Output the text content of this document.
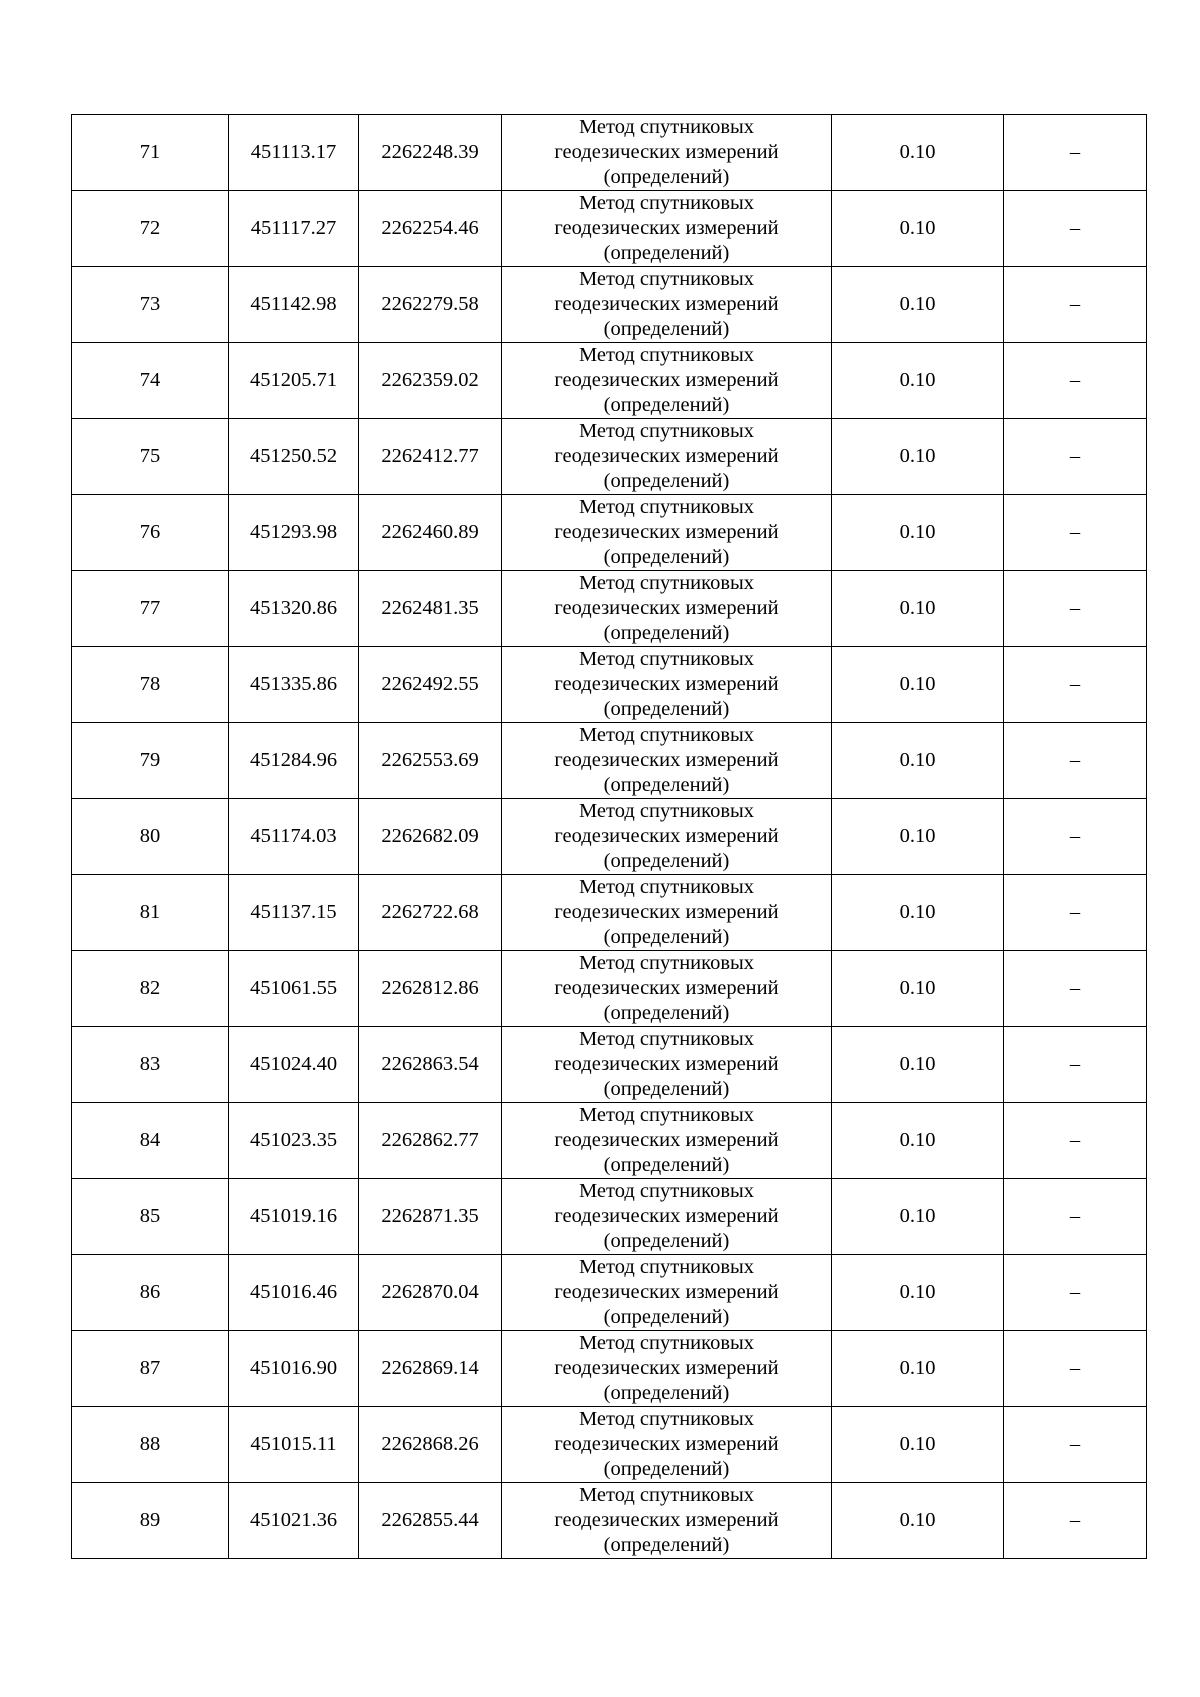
71	451113.17	2262248.39	Метод спутниковых
геодезических измерений
(определений)	0.10	–
72	451117.27	2262254.46	Метод спутниковых
геодезических измерений
(определений)	0.10	–
73	451142.98	2262279.58	Метод спутниковых
геодезических измерений
(определений)	0.10	–
74	451205.71	2262359.02	Метод спутниковых
геодезических измерений
(определений)	0.10	–
75	451250.52	2262412.77	Метод спутниковых
геодезических измерений
(определений)	0.10	–
76	451293.98	2262460.89	Метод спутниковых
геодезических измерений
(определений)	0.10	–
77	451320.86	2262481.35	Метод спутниковых
геодезических измерений
(определений)	0.10	–
78	451335.86	2262492.55	Метод спутниковых
геодезических измерений
(определений)	0.10	–
79	451284.96	2262553.69	Метод спутниковых
геодезических измерений
(определений)	0.10	–
80	451174.03	2262682.09	Метод спутниковых
геодезических измерений
(определений)	0.10	–
81	451137.15	2262722.68	Метод спутниковых
геодезических измерений
(определений)	0.10	–
82	451061.55	2262812.86	Метод спутниковых
геодезических измерений
(определений)	0.10	–
83	451024.40	2262863.54	Метод спутниковых
геодезических измерений
(определений)	0.10	–
84	451023.35	2262862.77	Метод спутниковых
геодезических измерений
(определений)	0.10	–
85	451019.16	2262871.35	Метод спутниковых
геодезических измерений
(определений)	0.10	–
86	451016.46	2262870.04	Метод спутниковых
геодезических измерений
(определений)	0.10	–
87	451016.90	2262869.14	Метод спутниковых
геодезических измерений
(определений)	0.10	–
88	451015.11	2262868.26	Метод спутниковых
геодезических измерений
(определений)	0.10	–
89	451021.36	2262855.44	Метод спутниковых
геодезических измерений
(определений)	0.10	–
